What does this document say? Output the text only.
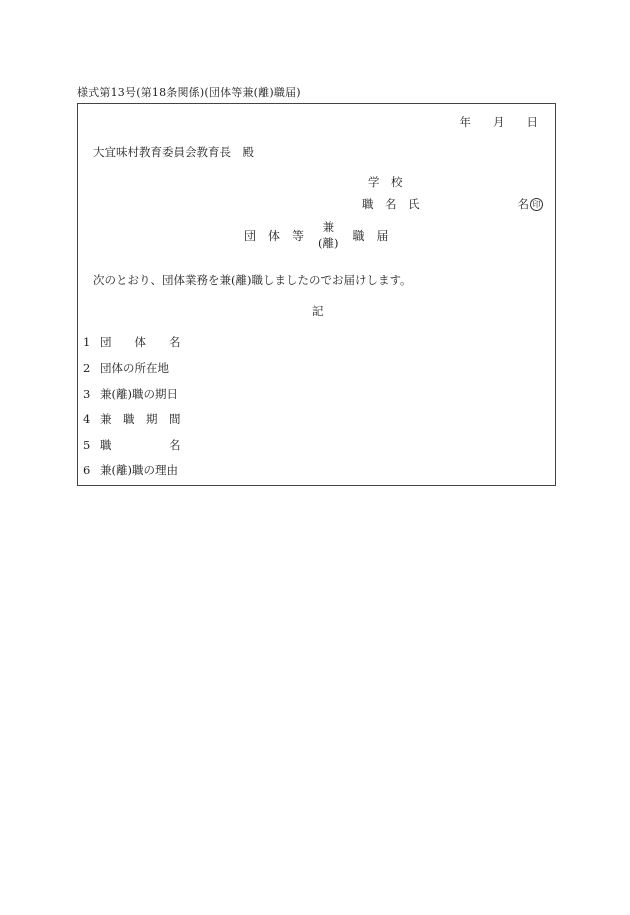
様式第13号(第18条関係)(団体等兼(離)職届)
年 月 日
大宜味村教育委員会教育長　殿
学　校
職　名　氏	名 印
団　体　等
兼
(離)
職　届
次のとおり、団体業務を兼(離)職しましたのでお届けします。
記
1 団　　体　　名
2 団体の所在地
3 兼(離)職の期日
4 兼　職　期　間
5 職　　　　　名
6 兼(離)職の理由
